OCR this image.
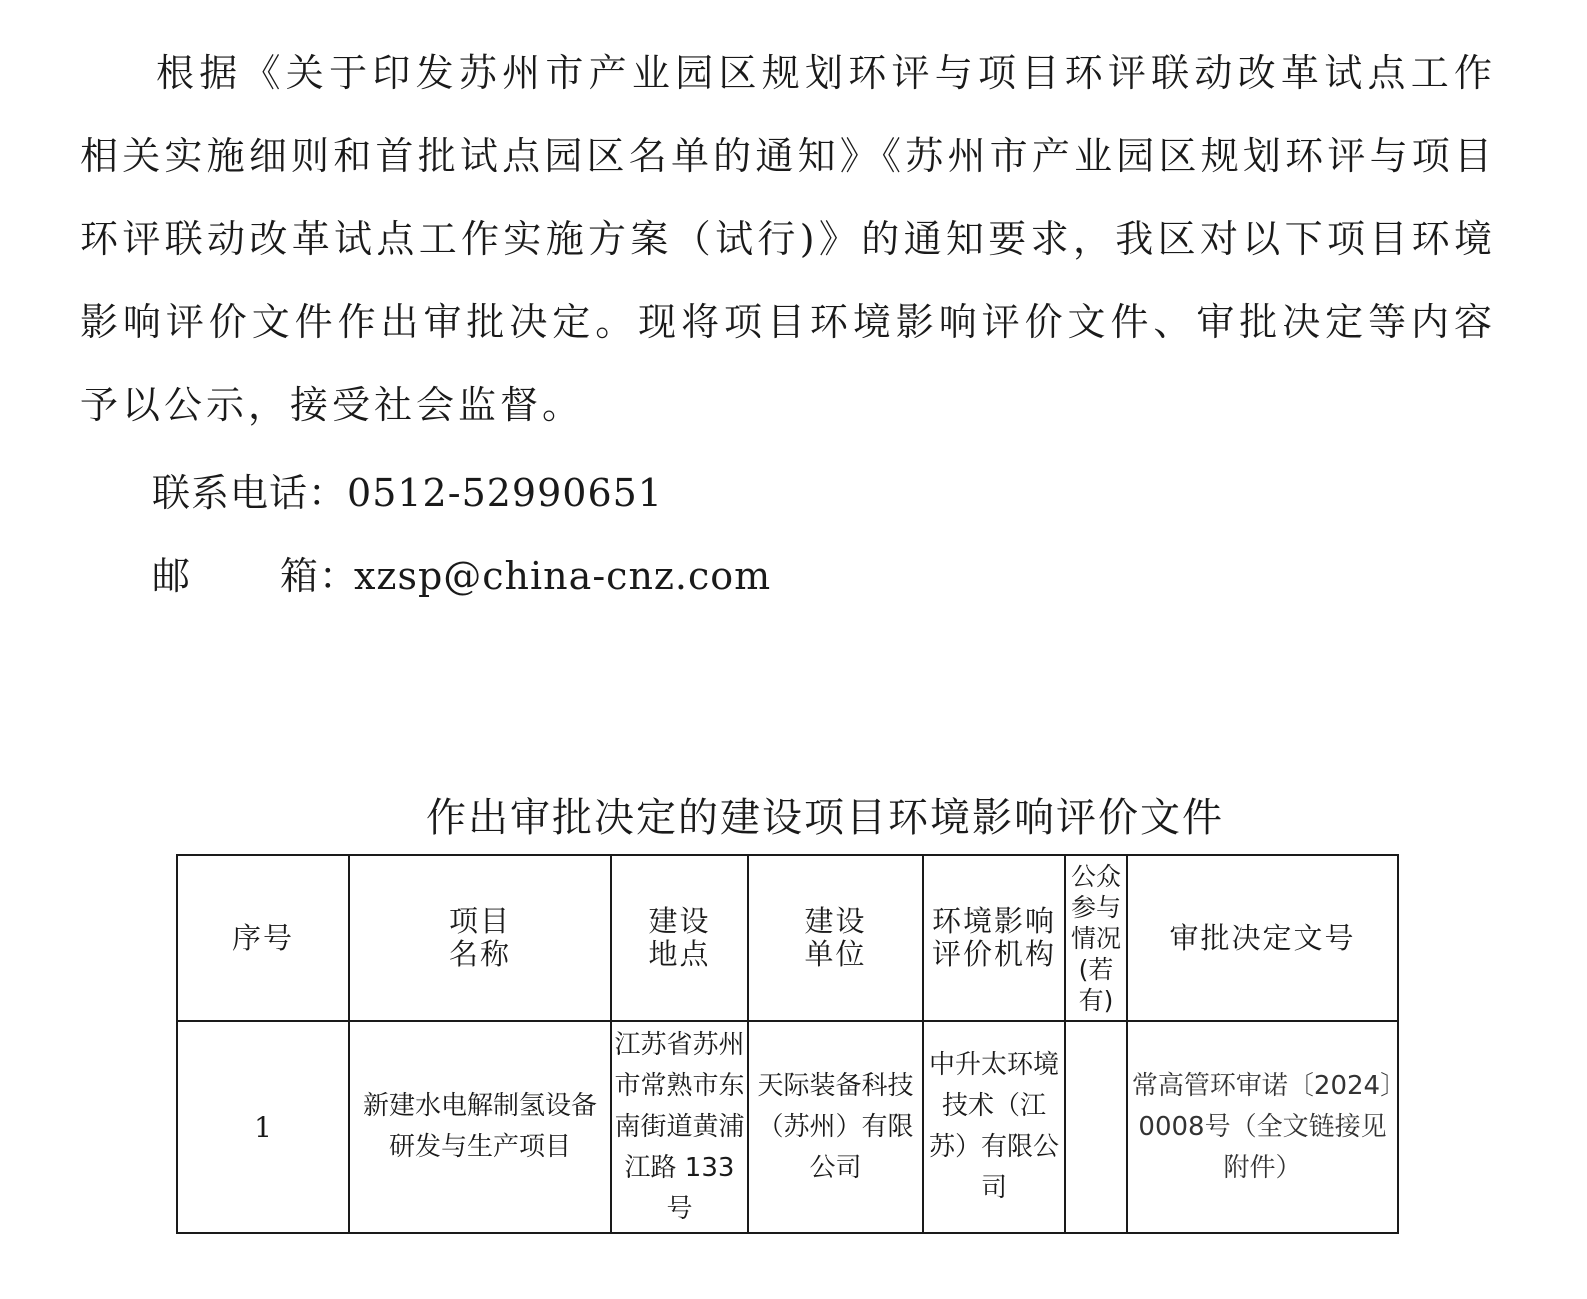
根据《关于印发苏州市产业园区规划环评与项目环评联动改革试点工作相关实施细则和首批试点园区名单的通知》《苏州市产业园区规划环评与项目环评联动改革试点工作实施方案（试行)》的通知要求，我区对以下项目环境影响评价文件作出审批决定。现将项目环境影响评价文件、审批决定等内容予以公示，接受社会监督。

联系电话：0512-52990651
邮 箱：xzsp@china-cnz.com
作出审批决定的建设项目环境影响评价文件
序号	项目名称	建设地点	建设单位	环境影响评价机构	公众参与情况(若有)	审批决定文号
1	新建水电解制氢设备研发与生产项目	江苏省苏州市常熟市东南街道黄浦江路 133 号	天际装备科技（苏州）有限公司	中升太环境技术（江苏）有限公司		常高管环审诺〔2024〕0008号（全文链接见附件）
